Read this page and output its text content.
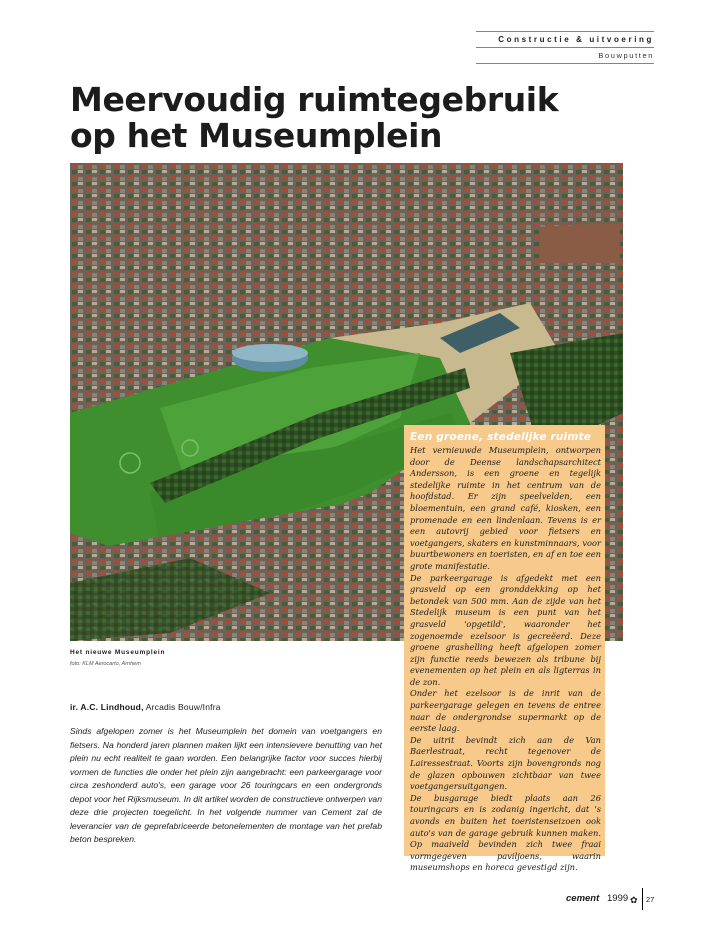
Constructie & uitvoering
Bouwputten
Meervoudig ruimtegebruik
op het Museumplein
Een groene, stedelijke ruimte

Het vernieuwde Museumplein, ontworpen door de Deense landschapsarchitect Andersson, is een groene en tegelijk stedelijke ruimte in het centrum van de hoofdstad. Er zijn speelvelden, een bloementuin, een grand café, kiosken, een promenade en een lindenlaan. Tevens is er een autovrij gebied voor fietsers en voetgangers, skaters en kunstminnaars, voor buurtbewoners en toeristen, en af en toe een grote manifestatie.

De parkeergarage is afgedekt met een grasveld op een gronddekking op het betondek van 500 mm. Aan de zijde van het Stedelijk museum is een punt van het grasveld 'opgetild', waaronder het zogenoemde ezelsoor is gecreëerd. Deze groene grashelling heeft afgelopen zomer zijn functie reeds bewezen als tribune bij evenementen op het plein en als ligterras in de zon.

Onder het ezelsoor is de inrit van de parkeergarage gelegen en tevens de entree naar de ondergrondse supermarkt op de eerste laag.

De uitrit bevindt zich aan de Van Baerlestraat, recht tegenover de Lairessestraat. Voorts zijn bovengronds nog de glazen opbouwen zichtbaar van twee voetgangersuitgangen.

De busgarage biedt plaats aan 26 touringcars en is zodanig ingericht, dat 's avonds en buiten het toeristenseizoen ook auto's van de garage gebruik kunnen maken. Op maaiveld bevinden zich twee fraai vormgegeven paviljoens, waarin museumshops en horeca gevestigd zijn.

Het nieuwe Museumplein
foto: KLM Aerocarto, Arnhem
ir. A.C. Lindhoud, Arcadis Bouw/Infra
Sinds afgelopen zomer is het Museumplein het domein van voetgangers en fietsers. Na honderd jaren plannen maken lijkt een intensievere benutting van het plein nu echt realiteit te gaan worden. Een belangrijke factor voor succes hierbij vormen de functies die onder het plein zijn aangebracht: een parkeergarage voor circa zeshonderd auto's, een garage voor 26 touringcars en een ondergronds depot voor het Rijksmuseum. In dit artikel worden de constructieve ontwerpen van deze drie projecten toegelicht. In het volgende nummer van Cement zal de leverancier van de geprefabriceerde betonelementen de montage van het prefab beton bespreken.
cement 1999 ✿ 27
